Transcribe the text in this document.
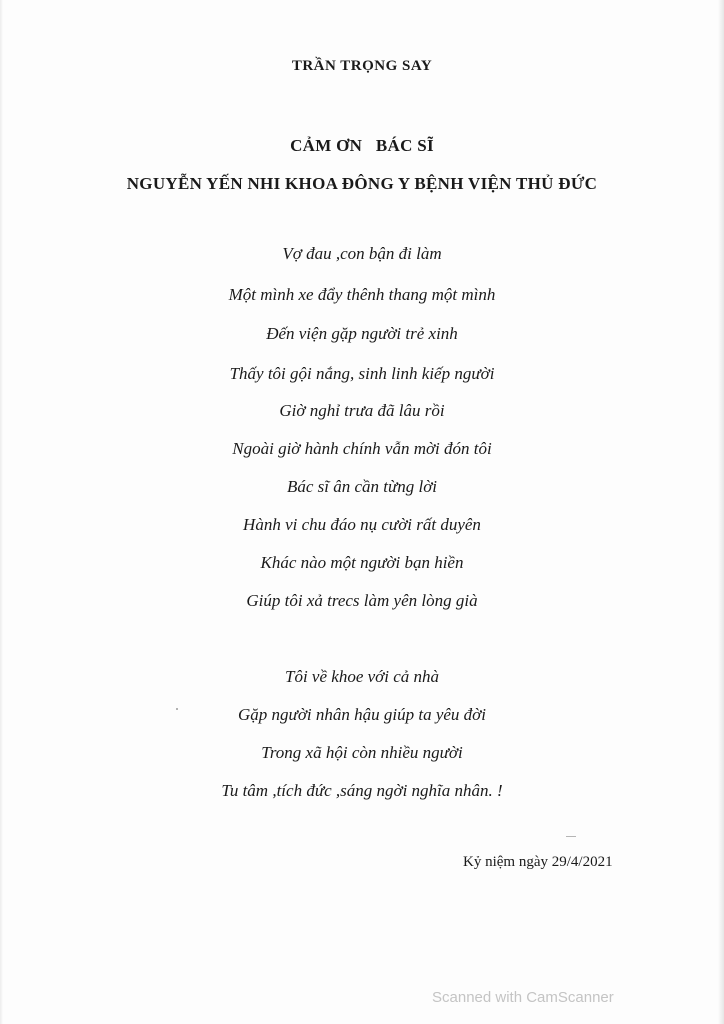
TRẦN TRỌNG SAY
CẢM ƠN   BÁC SĨ
NGUYỄN YẾN NHI KHOA ĐÔNG Y BỆNH VIỆN THỦ ĐỨC
Vợ đau ,con bận đi làm
Một mình xe đẩy thênh thang một mình
Đến viện gặp người trẻ xinh
Thấy tôi gội nắng, sinh linh kiếp người
Giờ nghỉ trưa đã lâu rồi
Ngoài giờ hành chính vẫn mời đón tôi
Bác sĩ ân cần từng lời
Hành vi chu đáo nụ cười rất duyên
Khác nào một người bạn hiền
Giúp tôi xả trecs làm yên lòng già
Tôi về khoe với cả nhà
Gặp người nhân hậu giúp ta yêu đời
Trong xã hội còn nhiều người
Tu tâm ,tích đức ,sáng ngời nghĩa nhân. !
Kỷ niệm ngày 29/4/2021
Scanned with CamScanner
